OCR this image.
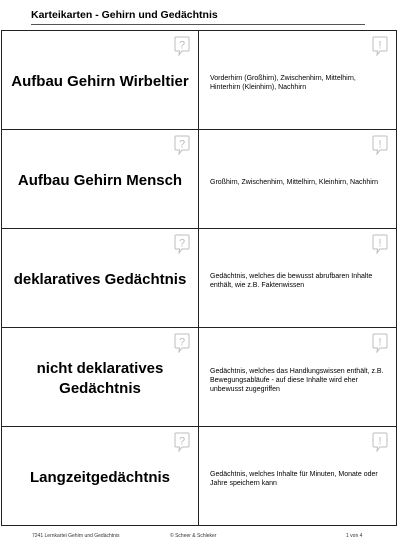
Karteikarten - Gehirn und Gedächtnis
?
Aufbau Gehirn Wirbeltier
!
Vorderhirn (Großhirn), Zwischenhirn, Mittelhirn, Hinterhirn (Kleinhirn), Nachhirn
?
Aufbau Gehirn Mensch
!
Großhirn, Zwischenhirn, Mittelhirn, Kleinhirn, Nachhirn
?
deklaratives Gedächtnis
!
Gedächtnis, welches die bewusst abrufbaren Inhalte enthält, wie z.B. Faktenwissen
?
nicht deklaratives Gedächtnis
!
Gedächtnis, welches das Handlungswissen enthält, z.B. Bewegungsabläufe - auf diese Inhalte wird eher unbewusst zugegriffen
?
Langzeitgedächtnis
!
Gedächtnis, welches Inhalte für Minuten, Monate oder Jahre speichern kann
7241 Lernkartei Gehirn und Gedächtnis	© Scheer & Schleker	1 von 4
